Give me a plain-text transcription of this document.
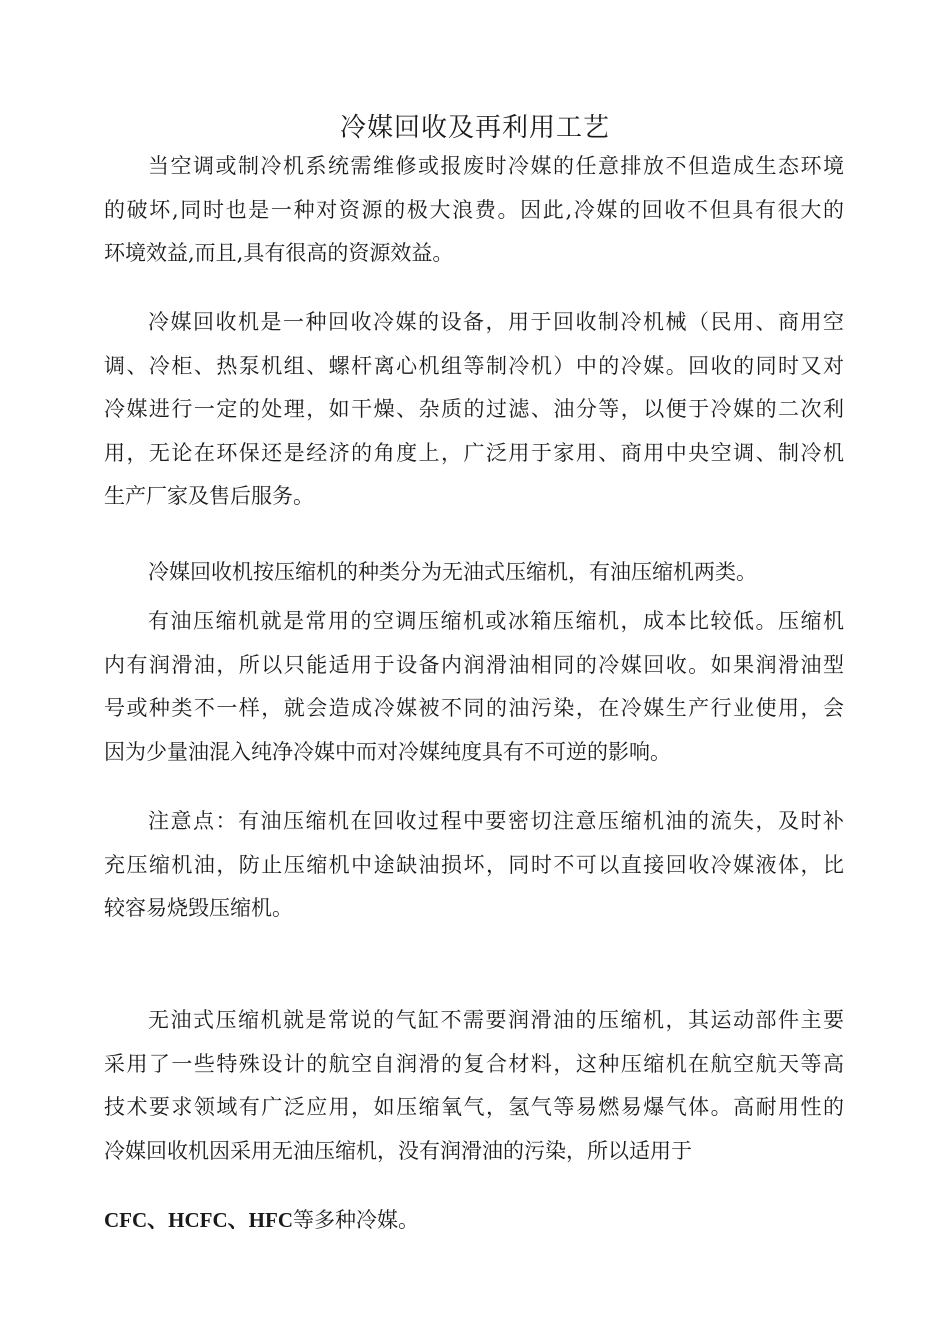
冷媒回收及再利用工艺
当空调或制冷机系统需维修或报废时冷媒的任意排放不但造成生态环境
的破坏,同时也是一种对资源的极大浪费。因此,冷媒的回收不但具有很大的
环境效益,而且,具有很高的资源效益。
冷媒回收机是一种回收冷媒的设备，用于回收制冷机械（民用、商用空
调、冷柜、热泵机组、螺杆离心机组等制冷机）中的冷媒。回收的同时又对
冷媒进行一定的处理，如干燥、杂质的过滤、油分等，以便于冷媒的二次利
用，无论在环保还是经济的角度上，广泛用于家用、商用中央空调、制冷机
生产厂家及售后服务。
冷媒回收机按压缩机的种类分为无油式压缩机，有油压缩机两类。
有油压缩机就是常用的空调压缩机或冰箱压缩机，成本比较低。压缩机
内有润滑油，所以只能适用于设备内润滑油相同的冷媒回收。如果润滑油型
号或种类不一样，就会造成冷媒被不同的油污染，在冷媒生产行业使用，会
因为少量油混入纯净冷媒中而对冷媒纯度具有不可逆的影响。
注意点：有油压缩机在回收过程中要密切注意压缩机油的流失，及时补
充压缩机油，防止压缩机中途缺油损坏，同时不可以直接回收冷媒液体，比
较容易烧毁压缩机。
无油式压缩机就是常说的气缸不需要润滑油的压缩机，其运动部件主要
采用了一些特殊设计的航空自润滑的复合材料，这种压缩机在航空航天等高
技术要求领域有广泛应用，如压缩氧气，氢气等易燃易爆气体。高耐用性的
冷媒回收机因采用无油压缩机，没有润滑油的污染，所以适用于
CFC、HCFC、HFC等多种冷媒。
